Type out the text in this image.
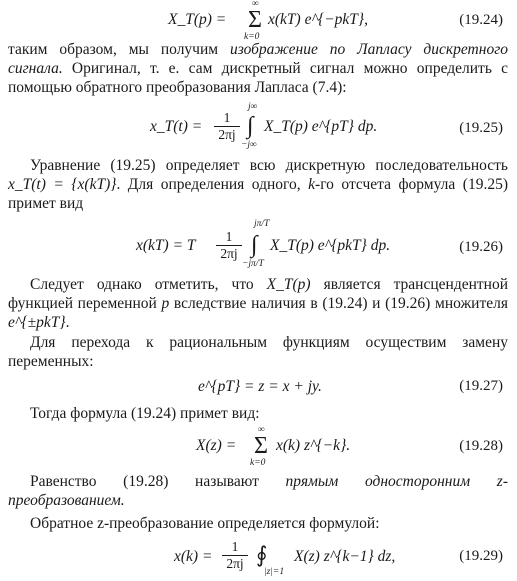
X_T(p) =
∞
Σ
k=0
x(kT) e^{−pkT},	(19.24)
таким образом, мы получим изображение по Лапласу дискретного сигнала. Оригинал, т. е. сам дискретный сигнал можно определить с помощью обратного преобразования Лапласа (7.4):
x_T(t) = $\frac{1}{2\pi j}$
j∞
∫
−j∞
X_T(p) e^{pT} dp.	(19.25)
Уравнение (19.25) определяет всю дискретную последовательность x_T(t) = {x(kT)}. Для определения одного, k-го отсчета формула (19.25) примет вид
x(kT) = T $\frac{1}{2\pi j}$
jπ/T
∫
−jπ/T
X_T(p) e^{pkT} dp.	(19.26)
Следует однако отметить, что X_T(p) является трансцендентной функцией переменной p вследствие наличия в (19.24) и (19.26) множителя e^{±pkT}.
Для перехода к рациональным функциям осуществим замену переменных:
e^{pT} = z = x + jy.	(19.27)
Тогда формула (19.24) примет вид:
X(z) =
∞
Σ
k=0
x(k) z^{−k}.	(19.28)
Равенство (19.28) называют прямым односторонним z-преобразованием.
Обратное z-преобразование определяется формулой:
$x(k) = \frac{1}{2\pi j}$ ∮
|z|=1
X(z) z^{k−1} dz,	(19.29)
